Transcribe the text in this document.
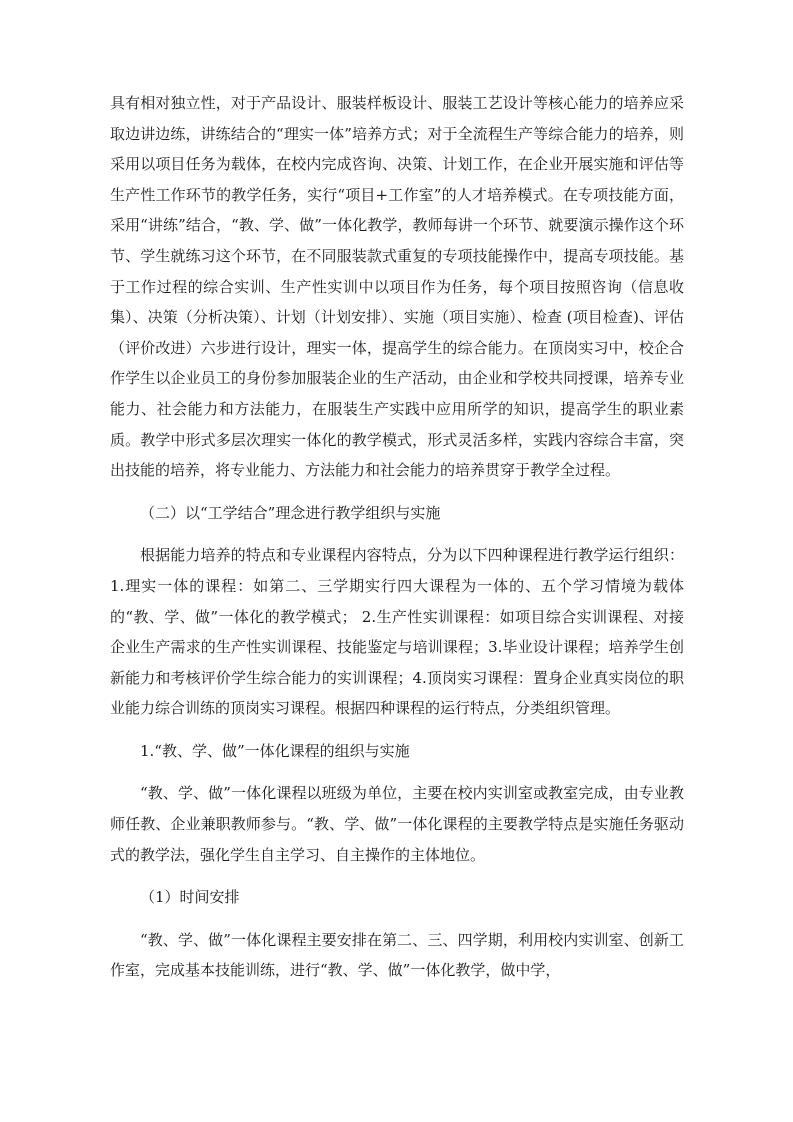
具有相对独立性，对于产品设计、服装样板设计、服装工艺设计等核心能力的培养应采取边讲边练，讲练结合的“理实一体”培养方式；对于全流程生产等综合能力的培养，则采用以项目任务为载体，在校内完成咨询、决策、计划工作，在企业开展实施和评估等生产性工作环节的教学任务，实行“项目+工作室”的人才培养模式。在专项技能方面，采用“讲练”结合，“教、学、做”一体化教学，教师每讲一个环节、就要演示操作这个环节、学生就练习这个环节，在不同服装款式重复的专项技能操作中，提高专项技能。基于工作过程的综合实训、生产性实训中以项目作为任务，每个项目按照咨询（信息收集）、决策（分析决策）、计划（计划安排）、实施（项目实施）、检查 (项目检查)、评估（评价改进）六步进行设计，理实一体，提高学生的综合能力。在顶岗实习中，校企合作学生以企业员工的身份参加服装企业的生产活动，由企业和学校共同授课，培养专业能力、社会能力和方法能力，在服装生产实践中应用所学的知识，提高学生的职业素质。教学中形式多层次理实一体化的教学模式，形式灵活多样，实践内容综合丰富，突出技能的培养，将专业能力、方法能力和社会能力的培养贯穿于教学全过程。

（二）以“工学结合”理念进行教学组织与实施

根据能力培养的特点和专业课程内容特点，分为以下四种课程进行教学运行组织：1.理实一体的课程：如第二、三学期实行四大课程为一体的、五个学习情境为载体的“教、学、做”一体化的教学模式； 2.生产性实训课程：如项目综合实训课程、对接企业生产需求的生产性实训课程、技能鉴定与培训课程；3.毕业设计课程；培养学生创新能力和考核评价学生综合能力的实训课程；4.顶岗实习课程：置身企业真实岗位的职业能力综合训练的顶岗实习课程。根据四种课程的运行特点，分类组织管理。

1.“教、学、做”一体化课程的组织与实施

“教、学、做”一体化课程以班级为单位，主要在校内实训室或教室完成，由专业教师任教、企业兼职教师参与。“教、学、做”一体化课程的主要教学特点是实施任务驱动式的教学法，强化学生自主学习、自主操作的主体地位。

（1）时间安排

“教、学、做”一体化课程主要安排在第二、三、四学期，利用校内实训室、创新工作室，完成基本技能训练，进行“教、学、做”一体化教学，做中学，
